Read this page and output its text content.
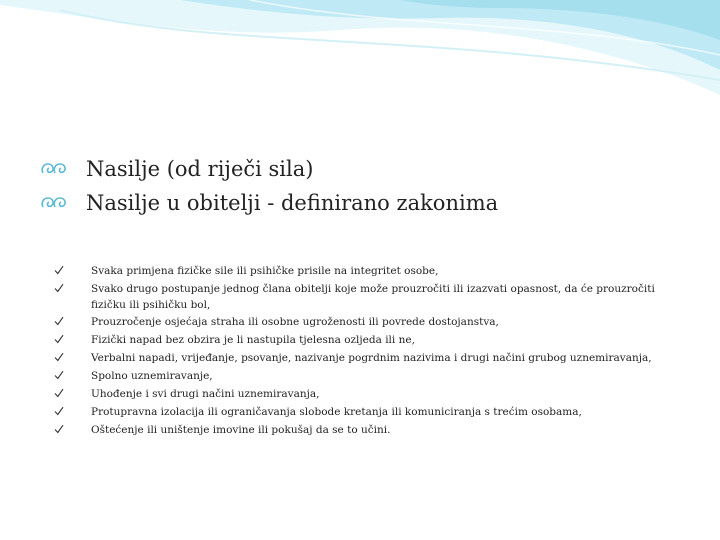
Nasilje (od riječi sila)
Nasilje u obitelji - definirano zakonima
Svaka primjena fizičke sile ili psihičke prisile na integritet osobe,
Svako drugo postupanje jednog člana obitelji koje može prouzročiti ili izazvati opasnost, da će prouzročiti fizičku ili psihičku bol,
Prouzročenje osjećaja straha ili osobne ugroženosti ili povrede dostojanstva,
Fizički napad bez obzira je li nastupila tjelesna ozljeda ili ne,
Verbalni napadi, vrijeđanje, psovanje, nazivanje pogrdnim nazivima i drugi načini grubog uznemiravanja,
Spolno uznemiravanje,
Uhođenje i svi drugi načini uznemiravanja,
Protupravna izolacija ili ograničavanja slobode kretanja ili komuniciranja s trećim osobama,
Oštećenje ili uništenje imovine ili pokušaj da se to učini.
